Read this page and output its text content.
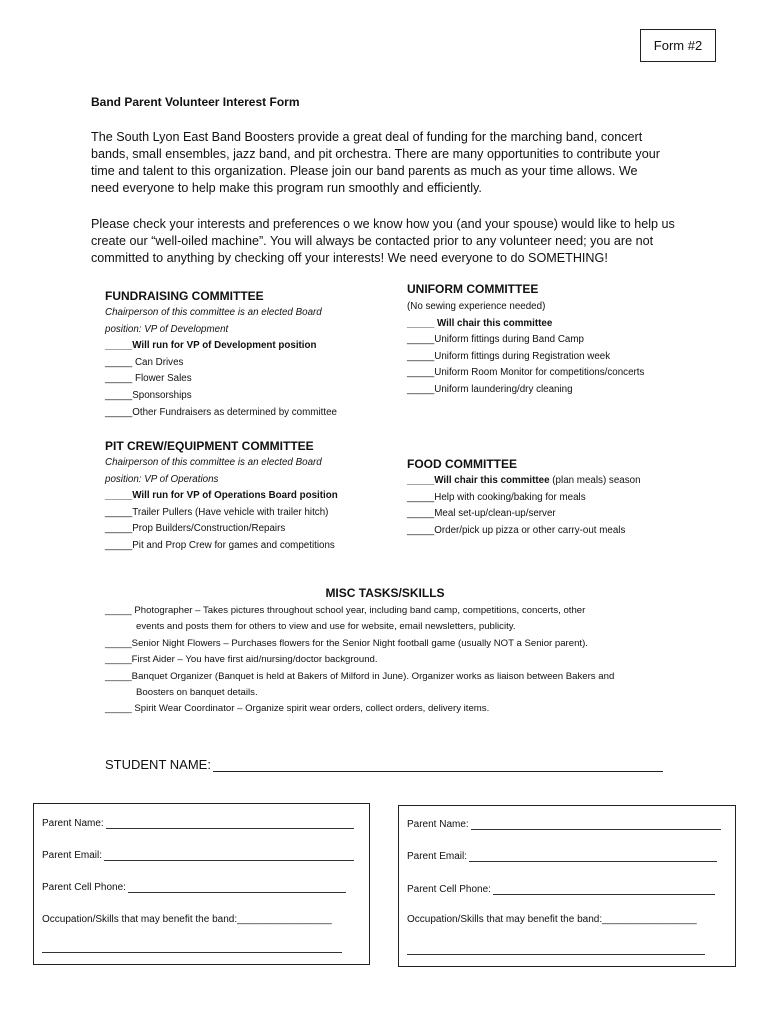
Form #2
Band Parent Volunteer Interest Form
The South Lyon East Band Boosters provide a great deal of funding for the marching band, concert
bands, small ensembles, jazz band, and pit orchestra. There are many opportunities to contribute your
time and talent to this organization. Please join our band parents as much as your time allows. We
need everyone to help make this program run smoothly and efficiently.
Please check your interests and preferences o we know how you (and your spouse) would like to help us
create our “well-oiled machine”. You will always be contacted prior to any volunteer need; you are not
committed to anything by checking off your interests! We need everyone to do SOMETHING!
FUNDRAISING COMMITTEE
Chairperson of this committee is an elected Board
position: VP of Development
_____Will run for VP of Development position
_____ Can Drives
_____ Flower Sales
_____Sponsorships
_____Other Fundraisers as determined by committee
UNIFORM COMMITTEE
(No sewing experience needed)
_____ Will chair this committee
_____Uniform fittings during Band Camp
_____Uniform fittings during Registration week
_____Uniform Room Monitor for competitions/concerts
_____Uniform laundering/dry cleaning
PIT CREW/EQUIPMENT COMMITTEE
Chairperson of this committee is an elected Board
position: VP of Operations
_____Will run for VP of Operations Board position
_____Trailer Pullers (Have vehicle with trailer hitch)
_____Prop Builders/Construction/Repairs
_____Pit and Prop Crew for games and competitions
FOOD COMMITTEE
_____Will chair this committee (plan meals) season
_____Help with cooking/baking for meals
_____Meal set-up/clean-up/server
_____Order/pick up pizza or other carry-out meals
MISC TASKS/SKILLS
_____ Photographer – Takes pictures throughout school year, including band camp, competitions, concerts, other
events and posts them for others to view and use for website, email newsletters, publicity.
_____Senior Night Flowers – Purchases flowers for the Senior Night football game (usually NOT a Senior parent).
_____First Aider – You have first aid/nursing/doctor background.
_____Banquet Organizer (Banquet is held at Bakers of Milford in June). Organizer works as liaison between Bakers and
Boosters on banquet details.
_____ Spirit Wear Coordinator – Organize spirit wear orders, collect orders, delivery items.
STUDENT NAME:
Parent Name:
Parent Email:
Parent Cell Phone:
Occupation/Skills that may benefit the band:_________________
Parent Name:
Parent Email:
Parent Cell Phone:
Occupation/Skills that may benefit the band:_________________
